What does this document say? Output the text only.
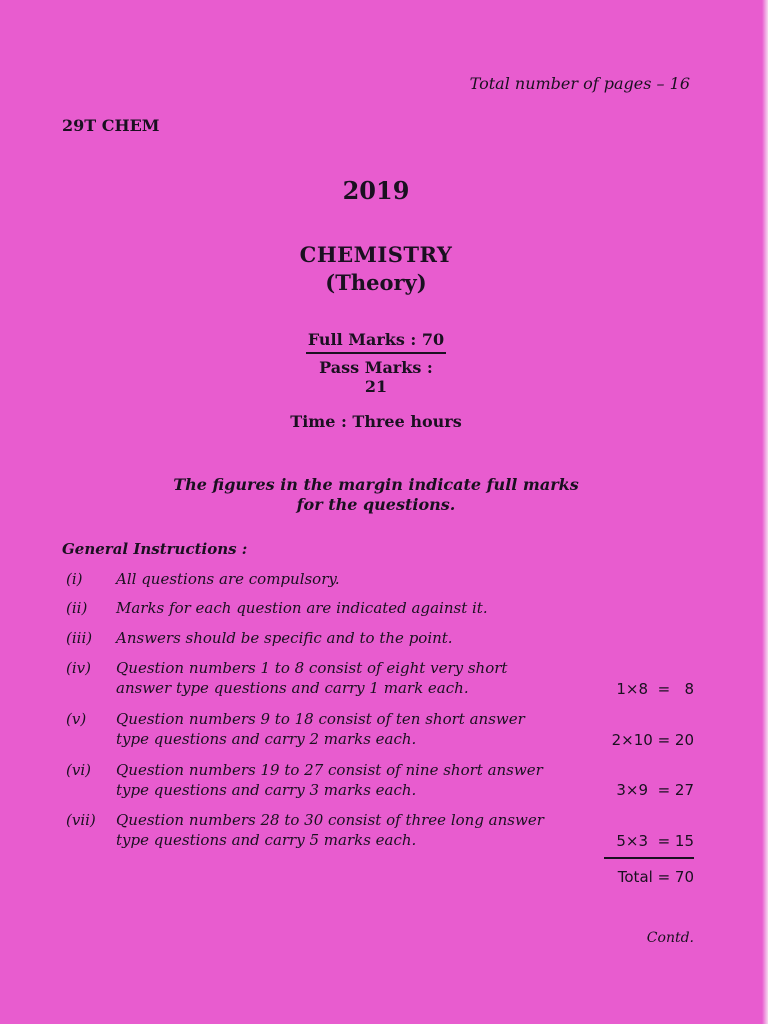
Total number of pages – 16
29T CHEM
2019
CHEMISTRY
(Theory)
Full Marks : 70
Pass Marks : 21
Time : Three hours
The figures in the margin indicate full marks
for the questions.
General Instructions :
(i) All questions are compulsory.
(ii) Marks for each question are indicated against it.
(iii) Answers should be specific and to the point.
(iv) Question numbers 1 to 8 consist of eight very short answer type questions and carry 1 mark each.	1×8  =   8
(v) Question numbers 9 to 18 consist of ten short answer type questions and carry 2 marks each.	2×10 = 20
(vi) Question numbers 19 to 27 consist of nine short answer type questions and carry 3 marks each.	3×9  = 27
(vii) Question numbers 28 to 30 consist of three long answer type questions and carry 5 marks each.	5×3  = 15
Total = 70
Contd.
